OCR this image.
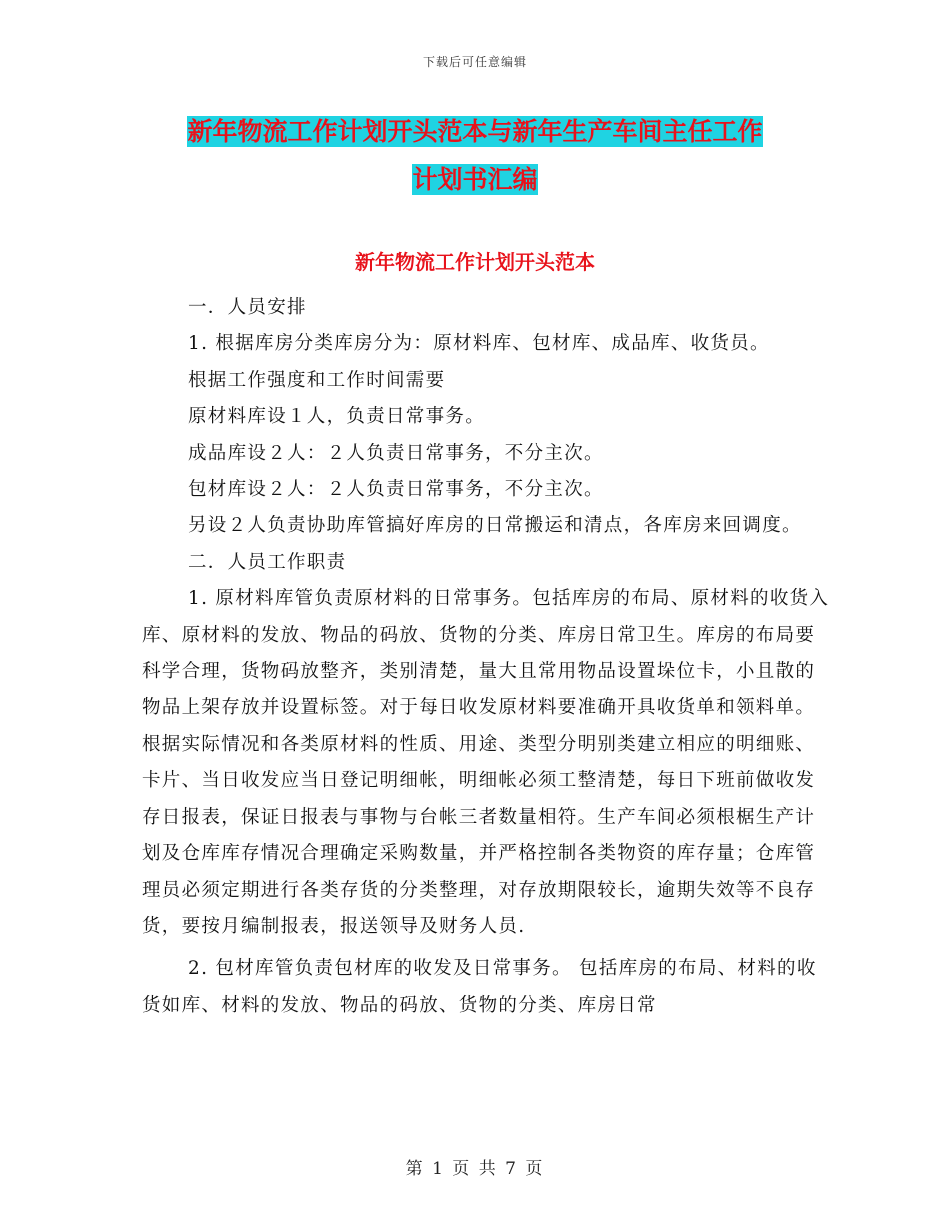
下载后可任意编辑
新年物流工作计划开头范本与新年生产车间主任工作
计划书汇编
新年物流工作计划开头范本

一．人员安排

1. 根据库房分类库房分为：原材料库、包材库、成品库、收货员。

根据工作强度和工作时间需要

原材料库设１人，负责日常事务。

成品库设２人：２人负责日常事务，不分主次。

包材库设２人：２人负责日常事务，不分主次。

另设２人负责协助库管搞好库房的日常搬运和清点，各库房来回调度。

二．人员工作职责

1. 原材料库管负责原材料的日常事务。包括库房的布局、原材料的收货入库、原材料的发放、物品的码放、货物的分类、库房日常卫生。库房的布局要科学合理，货物码放整齐，类别清楚，量大且常用物品设置垛位卡，小且散的物品上架存放并设置标签。对于每日收发原材料要准确开具收货单和领料单。根据实际情况和各类原材料的性质、用途、类型分明别类建立相应的明细账、卡片、当日收发应当日登记明细帐，明细帐必须工整清楚，每日下班前做收发存日报表，保证日报表与事物与台帐三者数量相符。生产车间必须根椐生产计划及仓库库存情况合理确定采购数量，并严格控制各类物资的库存量；仓库管理员必须定期进行各类存货的分类整理，对存放期限较长，逾期失效等不良存货，要按月编制报表，报送领导及财务人员.

2. 包材库管负责包材库的收发及日常事务。 包括库房的布局、材料的收货如库、材料的发放、物品的码放、货物的分类、库房日常

第 1 页 共 7 页
